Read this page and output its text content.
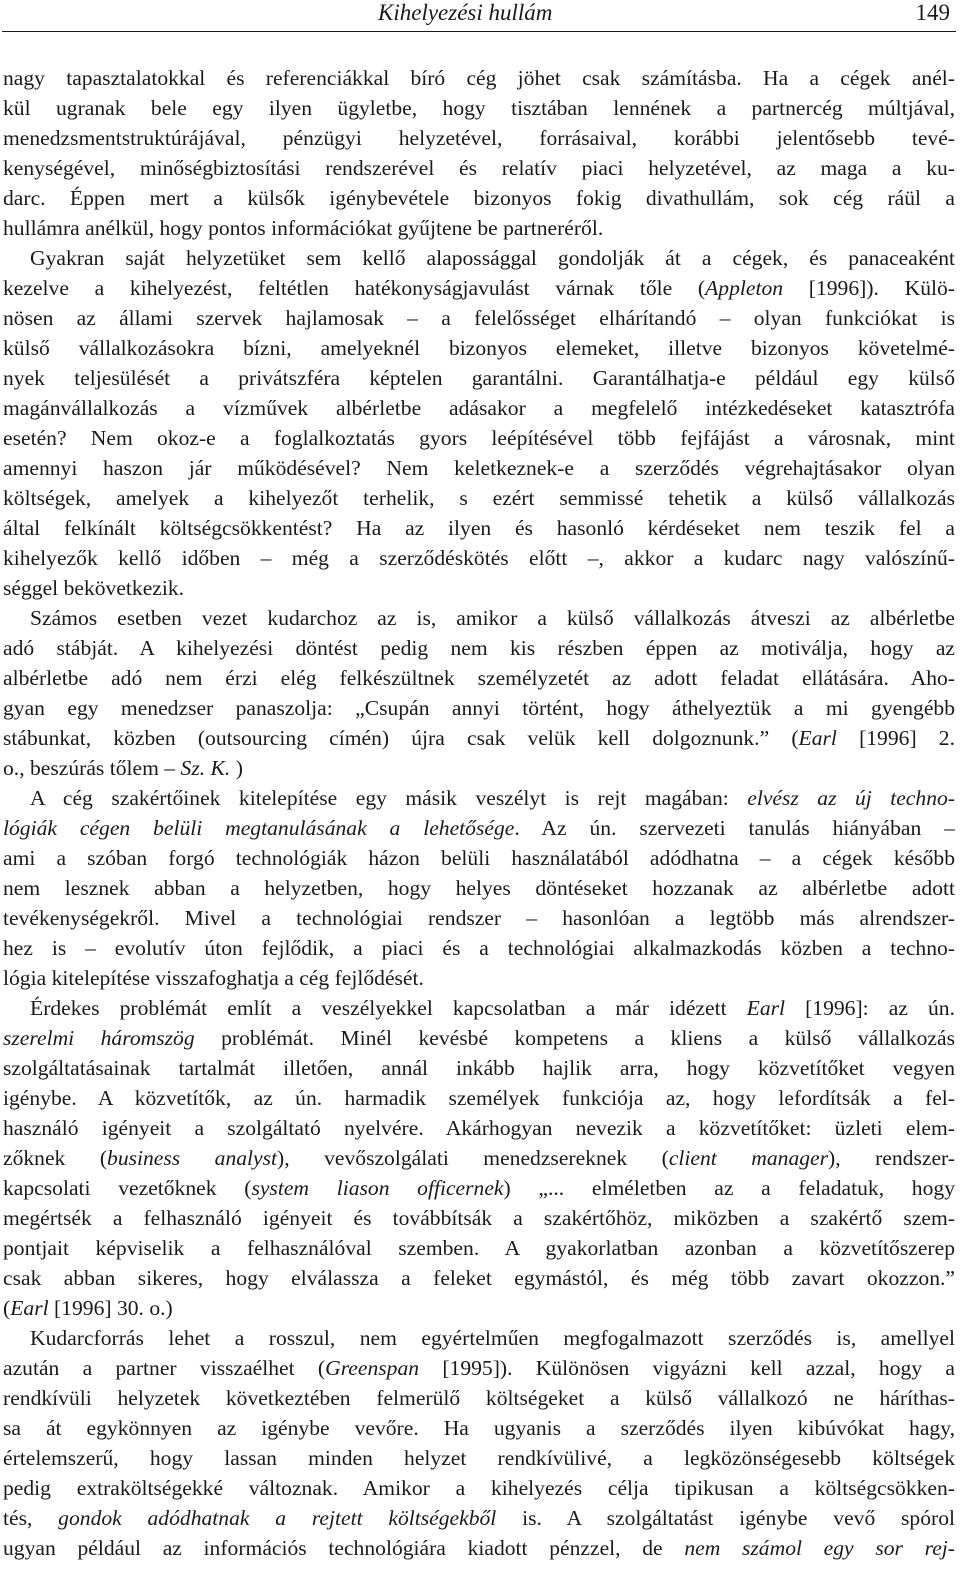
Kihelyezési hullám	149
nagy tapasztalatokkal és referenciákkal bíró cég jöhet csak számításba. Ha a cégek anél-
kül ugranak bele egy ilyen ügyletbe, hogy tisztában lennének a partnercég múltjával,
menedzsmentstruktúrájával, pénzügyi helyzetével, forrásaival, korábbi jelentősebb tevé-
kenységével, minőségbiztosítási rendszerével és relatív piaci helyzetével, az maga a ku-
darc. Éppen mert a külsők igénybevétele bizonyos fokig divathullám, sok cég ráül a
hullámra anélkül, hogy pontos információkat gyűjtene be partneréről.
Gyakran saját helyzetüket sem kellő alapossággal gondolják át a cégek, és panaceaként
kezelve a kihelyezést, feltétlen hatékonyságjavulást várnak tőle (Appleton [1996]). Külö-
nösen az állami szervek hajlamosak – a felelősséget elhárítandó – olyan funkciókat is
külső vállalkozásokra bízni, amelyeknél bizonyos elemeket, illetve bizonyos követelmé-
nyek teljesülését a privátszféra képtelen garantálni. Garantálhatja-e például egy külső
magánvállalkozás a vízművek albérletbe adásakor a megfelelő intézkedéseket katasztrófa
esetén? Nem okoz-e a foglalkoztatás gyors leépítésével több fejfájást a városnak, mint
amennyi haszon jár működésével? Nem keletkeznek-e a szerződés végrehajtásakor olyan
költségek, amelyek a kihelyezőt terhelik, s ezért semmissé tehetik a külső vállalkozás
által felkínált költségcsökkentést? Ha az ilyen és hasonló kérdéseket nem teszik fel a
kihelyezők kellő időben – még a szerződéskötés előtt –, akkor a kudarc nagy valószínű-
séggel bekövetkezik.
Számos esetben vezet kudarchoz az is, amikor a külső vállalkozás átveszi az albérletbe
adó stábját. A kihelyezési döntést pedig nem kis részben éppen az motiválja, hogy az
albérletbe adó nem érzi elég felkészültnek személyzetét az adott feladat ellátására. Aho-
gyan egy menedzser panaszolja: „Csupán annyi történt, hogy áthelyeztük a mi gyengébb
stábunkat, közben (outsourcing címén) újra csak velük kell dolgoznunk.” (Earl [1996] 2.
o., beszúrás tőlem – Sz. K. )
A cég szakértőinek kitelepítése egy másik veszélyt is rejt magában: elvész az új techno-
lógiák cégen belüli megtanulásának a lehetősége. Az ún. szervezeti tanulás hiányában –
ami a szóban forgó technológiák házon belüli használatából adódhatna – a cégek később
nem lesznek abban a helyzetben, hogy helyes döntéseket hozzanak az albérletbe adott
tevékenységekről. Mivel a technológiai rendszer – hasonlóan a legtöbb más alrendszer-
hez is – evolutív úton fejlődik, a piaci és a technológiai alkalmazkodás közben a techno-
lógia kitelepítése visszafoghatja a cég fejlődését.
Érdekes problémát említ a veszélyekkel kapcsolatban a már idézett Earl [1996]: az ún.
szerelmi háromszög problémát. Minél kevésbé kompetens a kliens a külső vállalkozás
szolgáltatásainak tartalmát illetően, annál inkább hajlik arra, hogy közvetítőket vegyen
igénybe. A közvetítők, az ún. harmadik személyek funkciója az, hogy lefordítsák a fel-
használó igényeit a szolgáltató nyelvére. Akárhogyan nevezik a közvetítőket: üzleti elem-
zőknek (business analyst), vevőszolgálati menedzsereknek (client manager), rendszer-
kapcsolati vezetőknek (system liason officernek) „... elméletben az a feladatuk, hogy
megértsék a felhasználó igényeit és továbbítsák a szakértőhöz, miközben a szakértő szem-
pontjait képviselik a felhasználóval szemben. A gyakorlatban azonban a közvetítőszerep
csak abban sikeres, hogy elválassza a feleket egymástól, és még több zavart okozzon.”
(Earl [1996] 30. o.)
Kudarcforrás lehet a rosszul, nem egyértelműen megfogalmazott szerződés is, amellyel
azután a partner visszaélhet (Greenspan [1995]). Különösen vigyázni kell azzal, hogy a
rendkívüli helyzetek következtében felmerülő költségeket a külső vállalkozó ne háríthas-
sa át egykönnyen az igénybe vevőre. Ha ugyanis a szerződés ilyen kibúvókat hagy,
értelemszerű, hogy lassan minden helyzet rendkívülivé, a legközönségesebb költségek
pedig extraköltségekké változnak. Amikor a kihelyezés célja tipikusan a költségcsökken-
tés, gondok adódhatnak a rejtett költségekből is. A szolgáltatást igénybe vevő spórol
ugyan például az információs technológiára kiadott pénzzel, de nem számol egy sor rej-
